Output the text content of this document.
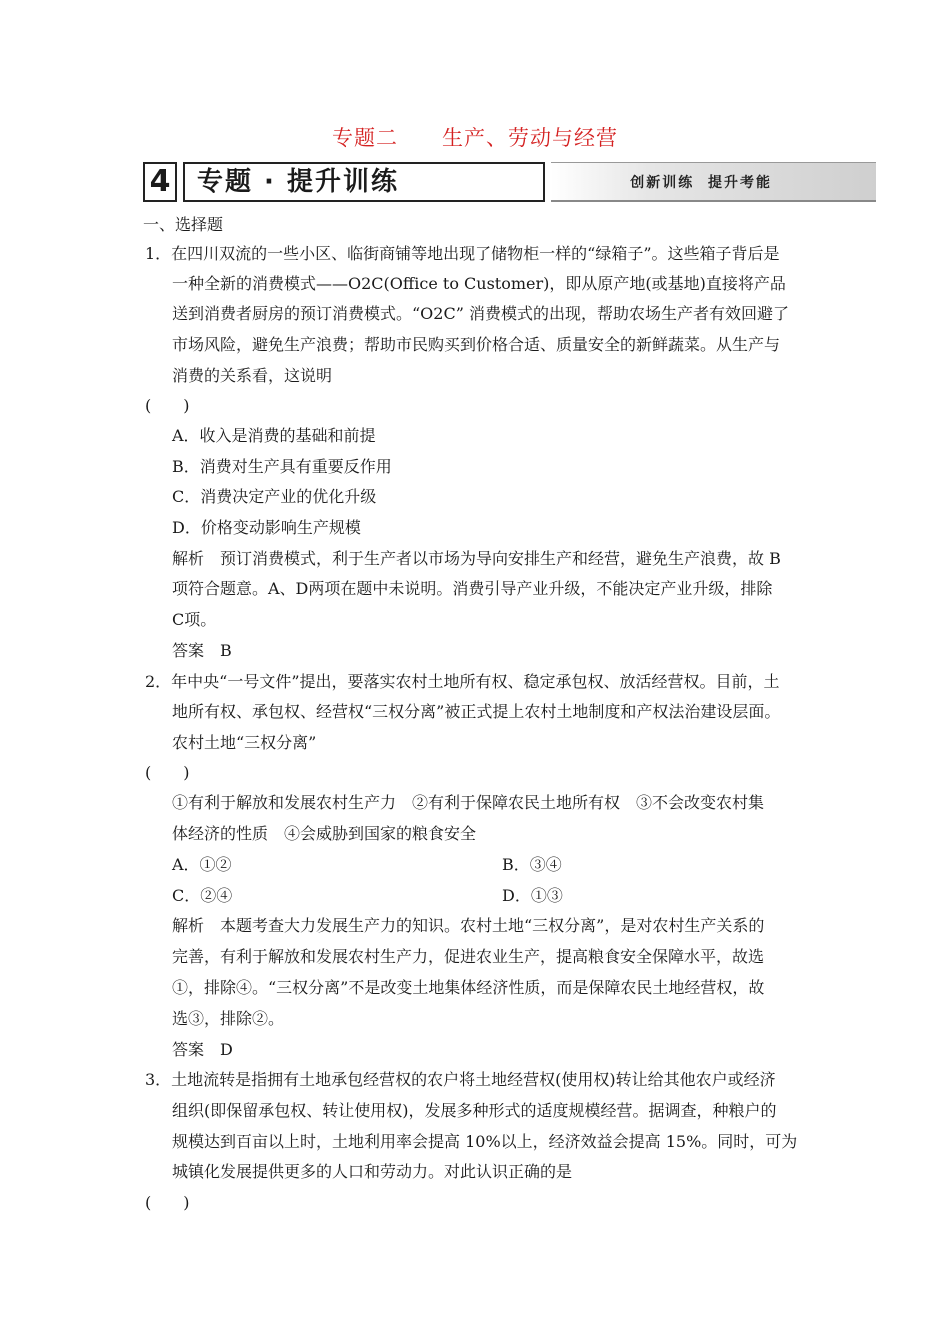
专题二　　生产、劳动与经营
4	专题 · 提升训练	创新训练  提升考能
一、选择题
1．在四川双流的一些小区、临街商铺等地出现了储物柜一样的“绿箱子”。这些箱子背后是
一种全新的消费模式——O2C(Office to Customer)，即从原产地(或基地)直接将产品
送到消费者厨房的预订消费模式。“O2C” 消费模式的出现，帮助农场生产者有效回避了
市场风险，避免生产浪费；帮助市民购买到价格合适、质量安全的新鲜蔬菜。从生产与
消费的关系看，这说明
(　　)
A．收入是消费的基础和前提
B．消费对生产具有重要反作用
C．消费决定产业的优化升级
D．价格变动影响生产规模
解析　预订消费模式，利于生产者以市场为导向安排生产和经营，避免生产浪费，故 B
项符合题意。A、D两项在题中未说明。消费引导产业升级，不能决定产业升级，排除
C项。
答案　B
2．年中央“一号文件”提出，要落实农村土地所有权、稳定承包权、放活经营权。目前，土
地所有权、承包权、经营权“三权分离”被正式提上农村土地制度和产权法治建设层面。
农村土地“三权分离”
(　　)
①有利于解放和发展农村生产力　②有利于保障农民土地所有权　③不会改变农村集
体经济的性质　④会威胁到国家的粮食安全
A．①②	B．③④
C．②④	D．①③
解析　本题考查大力发展生产力的知识。农村土地“三权分离”，是对农村生产关系的
完善，有利于解放和发展农村生产力，促进农业生产，提高粮食安全保障水平，故选
①，排除④。“三权分离”不是改变土地集体经济性质，而是保障农民土地经营权，故
选③，排除②。
答案　D
3．土地流转是指拥有土地承包经营权的农户将土地经营权(使用权)转让给其他农户或经济
组织(即保留承包权、转让使用权)，发展多种形式的适度规模经营。据调查，种粮户的
规模达到百亩以上时，土地利用率会提高 10%以上，经济效益会提高 15%。同时，可为
城镇化发展提供更多的人口和劳动力。对此认识正确的是
(　　)
